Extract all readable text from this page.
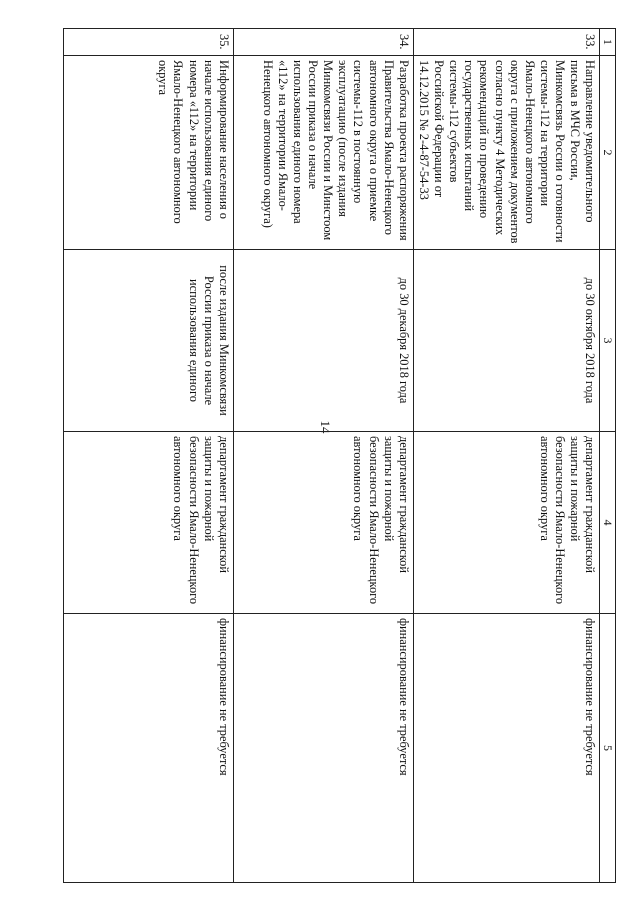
14
1	2	3	4	5
33.	Направление уведомительного письма в МЧС России, Минкомсвязь России о готовности системы-112 на территории Ямало-Ненецкого автономного округа с приложением документов согласно пункту 4 Методических рекомендаций по проведению государственных испытаний системы-112 субъектов Российской Федерации от 14.12.2015 № 2-4-87-54-33	до 30 октября 2018 года	департамент гражданской защиты и пожарной безопасности Ямало-Ненецкого автономного округа	финансирование не требуется
34.	Разработка проекта распоряжения Правительства Ямало-Ненецкого автономного округа о приемке системы-112 в постоянную эксплуатацию (после издания Минкомсвязи России и Минстоом России приказа о начале использования единого номера «112» на территории Ямало-Ненецкого автономного округа)	до 30 декабря 2018 года	департамент гражданской защиты и пожарной безопасности Ямало-Ненецкого автономного округа	финансирование не требуется
35.	Информирование населения о начале использования единого номера «112» на территории Ямало-Ненецкого автономного округа	после издания Минкомсвязи России приказа о начале использования единого	департамент гражданской защиты и пожарной безопасности Ямало-Ненецкого автономного округа	финансирование не требуется
